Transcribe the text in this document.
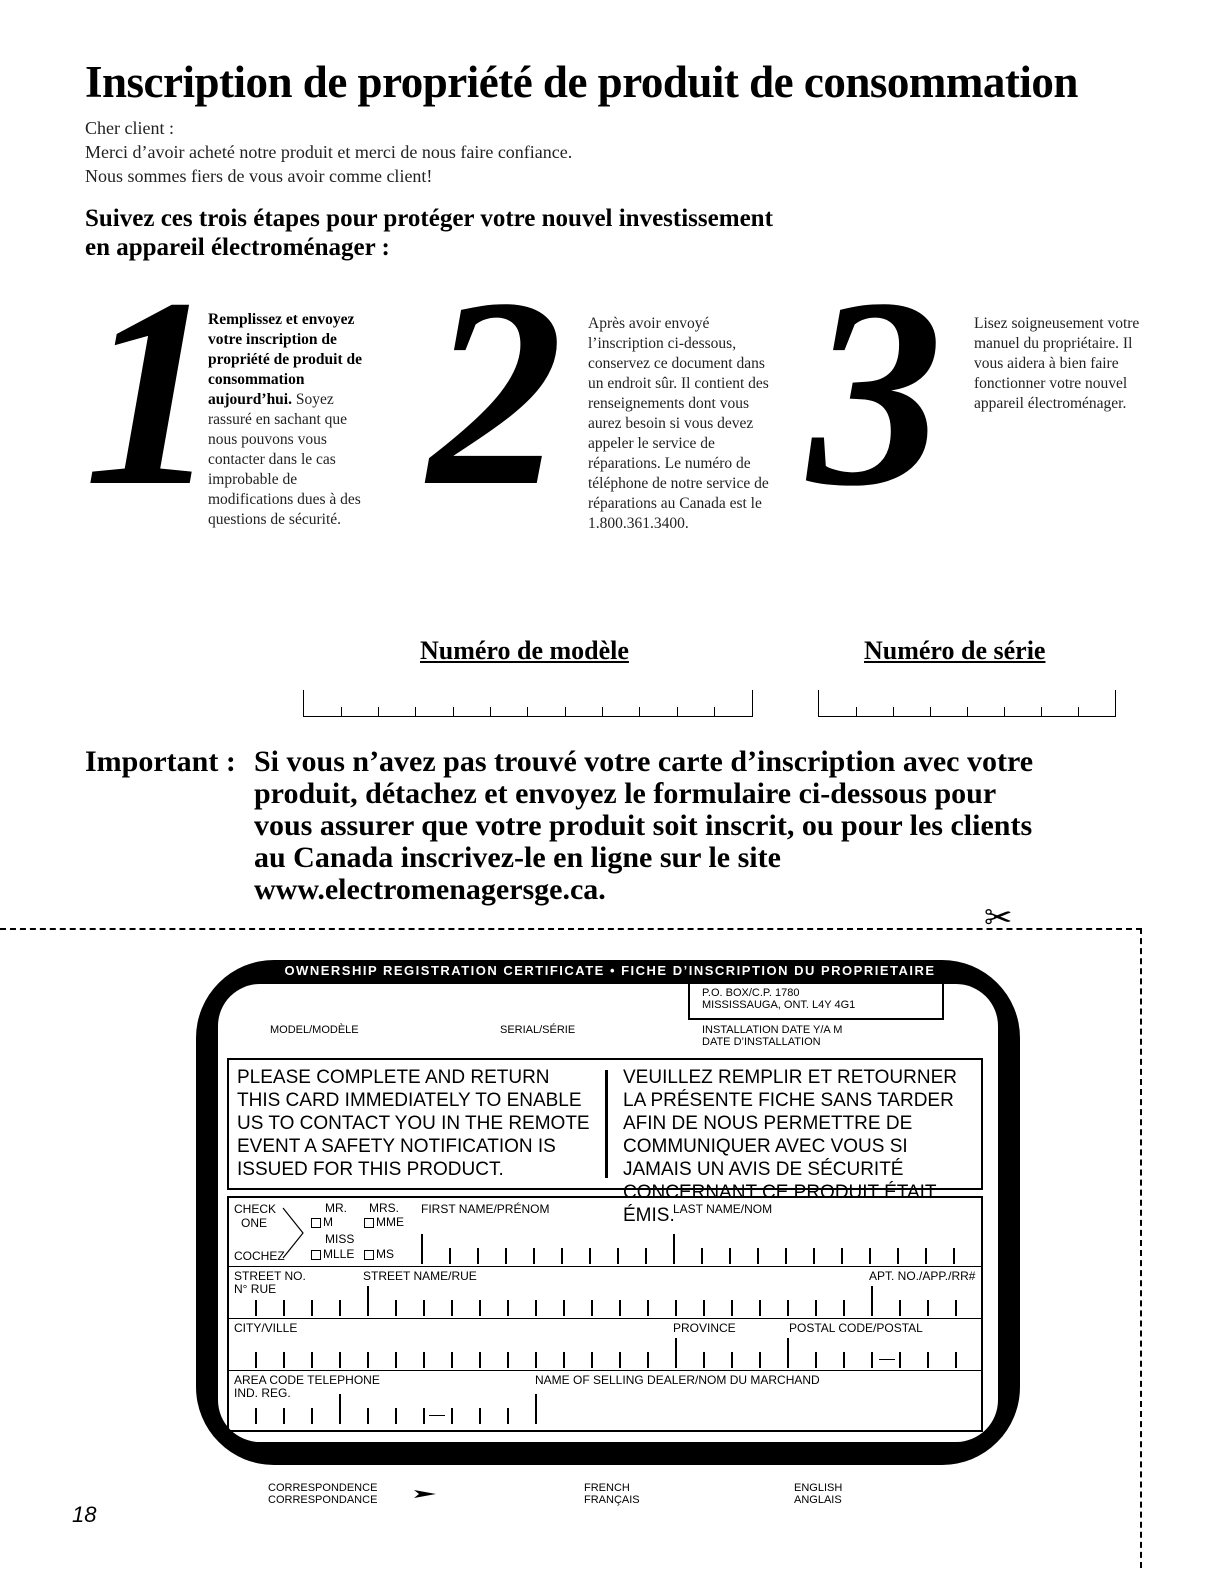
Inscription de propriété de produit de consommation
Cher client :
Merci d’avoir acheté notre produit et merci de nous faire confiance.
Nous sommes fiers de vous avoir comme client!
Suivez ces trois étapes pour protéger votre nouvel investissement
en appareil électroménager :
1
Remplissez et envoyez votre inscription de propriété de produit de consommation aujourd’hui. Soyez rassuré en sachant que nous pouvons vous contacter dans le cas improbable de modifications dues à des questions de sécurité. 2 Après avoir envoyé l’inscription ci-dessous, conservez ce document dans un endroit sûr. Il contient des renseignements dont vous aurez besoin si vous devez appeler le service de réparations. Le numéro de téléphone de notre service de réparations au Canada est le 1.800.361.3400. 3 Lisez soigneusement votre manuel du propriétaire. Il vous aidera à bien faire fonctionner votre nouvel appareil électroménager.
Numéro de modèle	Numéro de série
Important : Si vous n’avez pas trouvé votre carte d’inscription avec votre produit, détachez et envoyez le formulaire ci-dessous pour vous assurer que votre produit soit inscrit, ou pour les clients au Canada inscrivez-le en ligne sur le site www.electromenagersge.ca.
✂
OWNERSHIP REGISTRATION CERTIFICATE • FICHE D’INSCRIPTION DU PROPRIETAIRE
P.O. BOX/C.P. 1780
MISSISSAUGA, ONT. L4Y 4G1
MODEL/MODÈLE	SERIAL/SÉRIE	INSTALLATION DATE Y/A M
DATE D’INSTALLATION
PLEASE COMPLETE AND RETURN THIS CARD IMMEDIATELY TO ENABLE US TO CONTACT YOU IN THE REMOTE EVENT A SAFETY NOTIFICATION IS ISSUED FOR THIS PRODUCT.
VEUILLEZ REMPLIR ET RETOURNER LA PRÉSENTE FICHE SANS TARDER AFIN DE NOUS PERMETTRE DE COMMUNIQUER AVEC VOUS SI JAMAIS UN AVIS DE SÉCURITÉ CONCERNANT CE PRODUIT ÉTAIT ÉMIS.
CHECK
ONE
COCHEZ
MR. MRS.
M	MME
MISS
MLLE	MS
FIRST NAME/PRÉNOM	LAST NAME/NOM
STREET NO.
N° RUE
STREET NAME/RUE	APT. NO./APP./RR#
CITY/VILLE	PROVINCE	POSTAL CODE/POSTAL
AREA CODE TELEPHONE
IND. REG.
NAME OF SELLING DEALER/NOM DU MARCHAND
CORRESPONDENCE
CORRESPONDANCE
FRENCH
FRANÇAIS
ENGLISH
ANGLAIS
18
